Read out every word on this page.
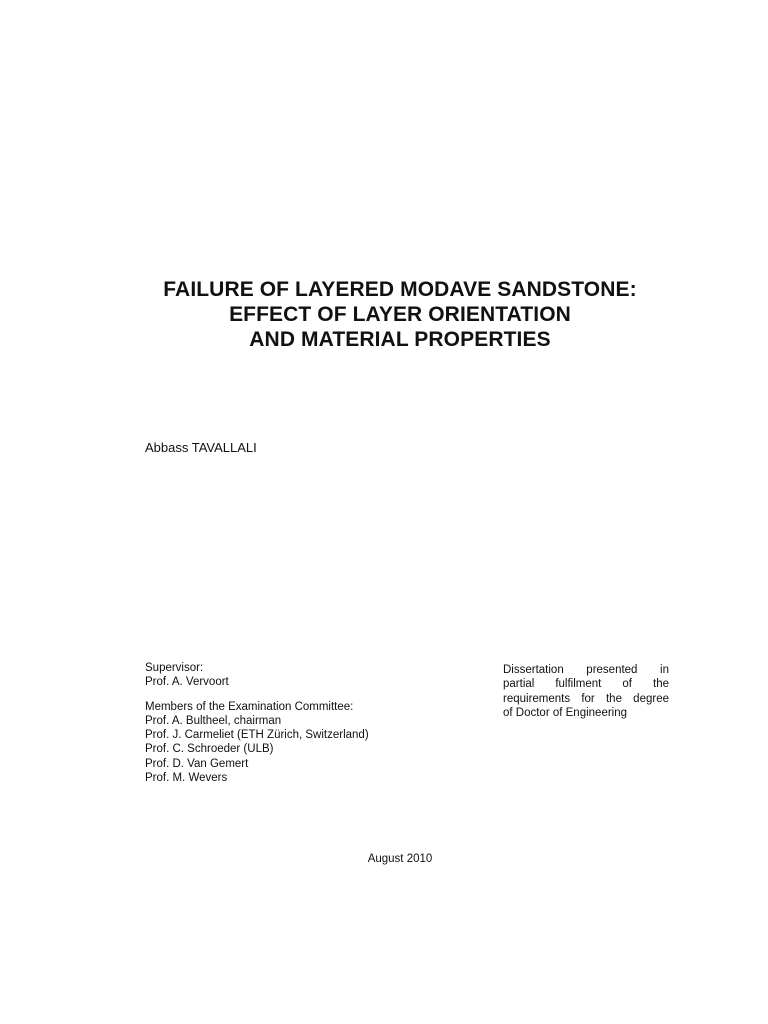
FAILURE OF LAYERED MODAVE SANDSTONE:
EFFECT OF LAYER ORIENTATION
AND MATERIAL PROPERTIES
Abbass TAVALLALI
Supervisor:
Prof. A. Vervoort
Members of the Examination Committee:
Prof. A. Bultheel, chairman
Prof. J. Carmeliet (ETH Zürich, Switzerland)
Prof. C. Schroeder (ULB)
Prof. D. Van Gemert
Prof. M. Wevers
Dissertation presented in
partial fulfilment of the
requirements for the degree
of Doctor of Engineering
August 2010
